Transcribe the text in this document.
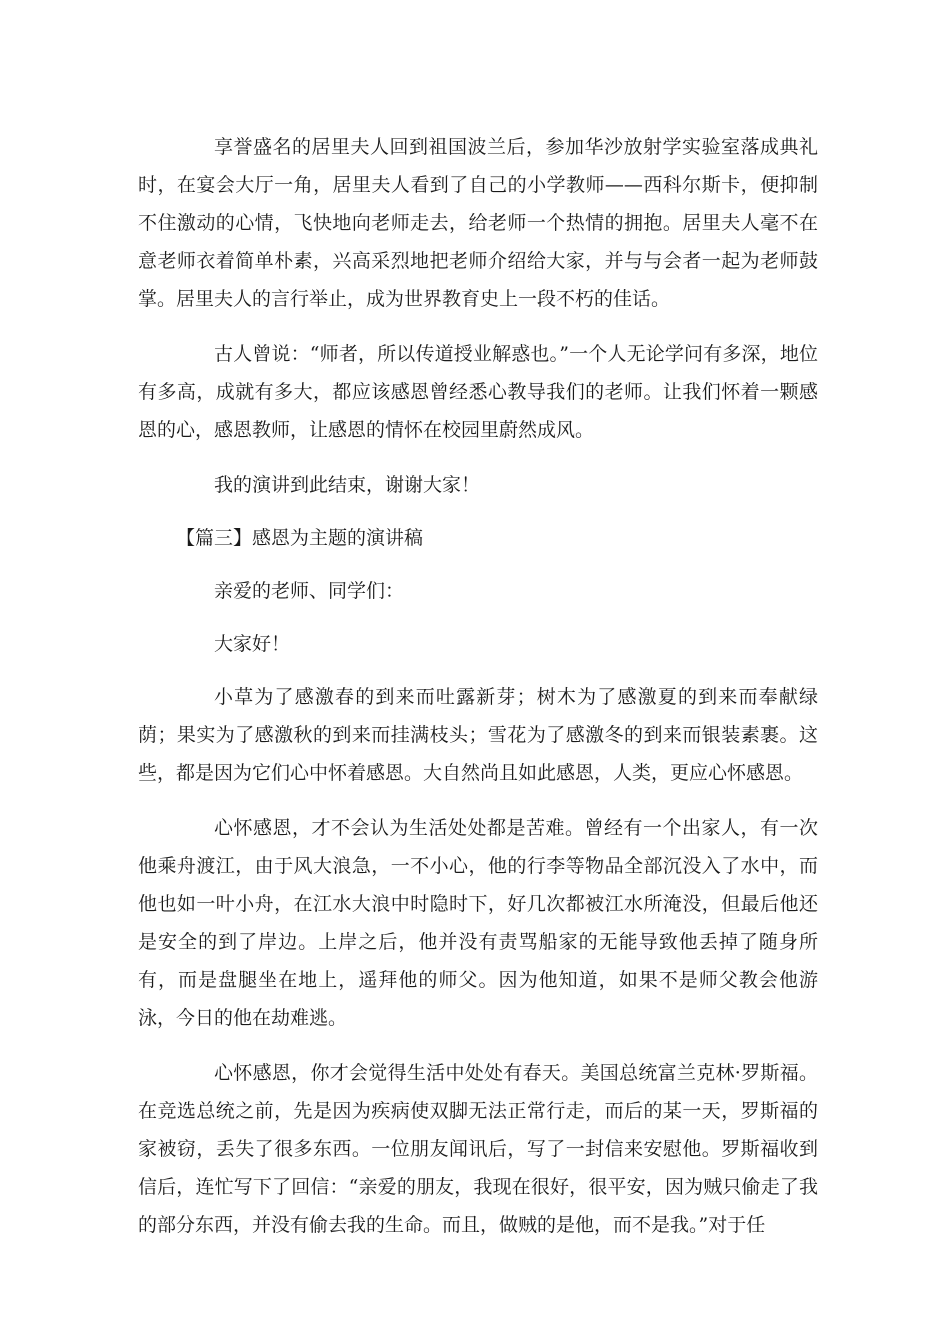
享誉盛名的居里夫人回到祖国波兰后，参加华沙放射学实验室落成典礼时，在宴会大厅一角，居里夫人看到了自己的小学教师——西科尔斯卡，便抑制不住激动的心情，飞快地向老师走去，给老师一个热情的拥抱。居里夫人毫不在意老师衣着简单朴素，兴高采烈地把老师介绍给大家，并与与会者一起为老师鼓掌。居里夫人的言行举止，成为世界教育史上一段不朽的佳话。

古人曾说：“师者，所以传道授业解惑也。”一个人无论学问有多深，地位有多高，成就有多大，都应该感恩曾经悉心教导我们的老师。让我们怀着一颗感恩的心，感恩教师，让感恩的情怀在校园里蔚然成风。

我的演讲到此结束，谢谢大家！

【篇三】感恩为主题的演讲稿

亲爱的老师、同学们：

大家好！

小草为了感激春的到来而吐露新芽；树木为了感激夏的到来而奉献绿荫；果实为了感激秋的到来而挂满枝头；雪花为了感激冬的到来而银装素裹。这些，都是因为它们心中怀着感恩。大自然尚且如此感恩，人类，更应心怀感恩。

心怀感恩，才不会认为生活处处都是苦难。曾经有一个出家人，有一次他乘舟渡江，由于风大浪急，一不小心，他的行李等物品全部沉没入了水中，而他也如一叶小舟，在江水大浪中时隐时下，好几次都被江水所淹没，但最后他还是安全的到了岸边。上岸之后，他并没有责骂船家的无能导致他丢掉了随身所有，而是盘腿坐在地上，遥拜他的师父。因为他知道，如果不是师父教会他游泳，今日的他在劫难逃。

心怀感恩，你才会觉得生活中处处有春天。美国总统富兰克林·罗斯福。在竞选总统之前，先是因为疾病使双脚无法正常行走，而后的某一天，罗斯福的家被窃，丢失了很多东西。一位朋友闻讯后，写了一封信来安慰他。罗斯福收到信后，连忙写下了回信：“亲爱的朋友，我现在很好，很平安，因为贼只偷走了我的部分东西，并没有偷去我的生命。而且，做贼的是他，而不是我。”对于任
